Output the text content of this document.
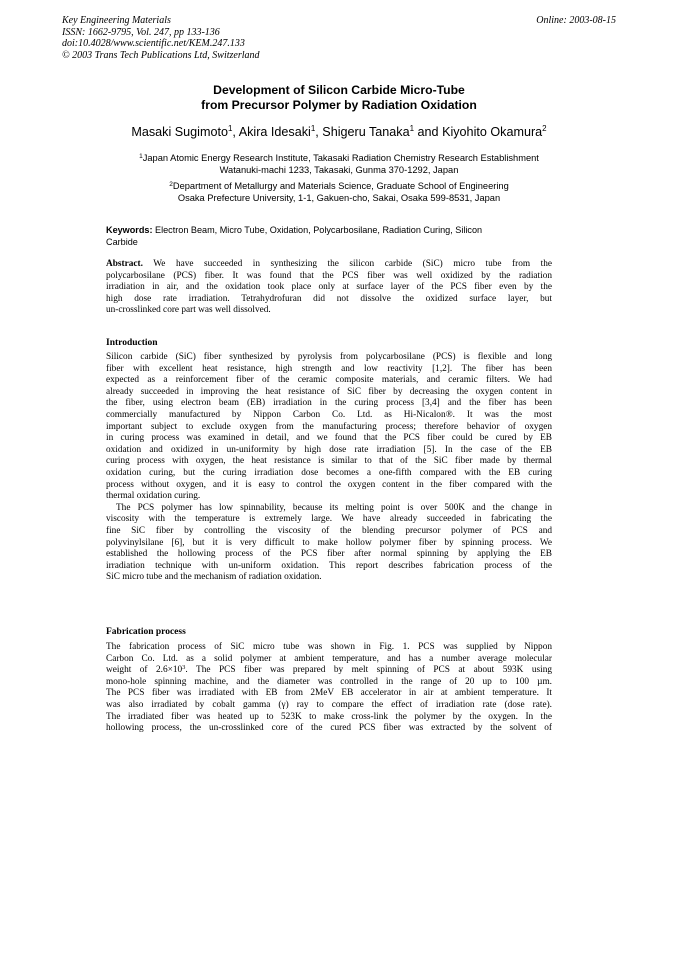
Key Engineering Materials
ISSN: 1662-9795, Vol. 247, pp 133-136
doi:10.4028/www.scientific.net/KEM.247.133
© 2003 Trans Tech Publications Ltd, Switzerland
Online: 2003-08-15
Development of Silicon Carbide Micro-Tube
from Precursor Polymer by Radiation Oxidation
Masaki Sugimoto$^1$, Akira Idesaki$^1$, Shigeru Tanaka$^1$ and Kiyohito Okamura$^2$
$^1$Japan Atomic Energy Research Institute, Takasaki Radiation Chemistry Research Establishment
Watanuki-machi 1233, Takasaki, Gunma 370-1292, Japan
$^2$Department of Metallurgy and Materials Science, Graduate School of Engineering
Osaka Prefecture University, 1-1, Gakuen-cho, Sakai, Osaka 599-8531, Japan
Keywords: Electron Beam, Micro Tube, Oxidation, Polycarbosilane, Radiation Curing, Silicon
Carbide
Abstract. We have succeeded in synthesizing the silicon carbide (SiC) micro tube from the
polycarbosilane (PCS) fiber. It was found that the PCS fiber was well oxidized by the radiation
irradiation in air, and the oxidation took place only at surface layer of the PCS fiber even by the
high dose rate irradiation. Tetrahydrofuran did not dissolve the oxidized surface layer, but
un-crosslinked core part was well dissolved.
Introduction
Silicon carbide (SiC) fiber synthesized by pyrolysis from polycarbosilane (PCS) is flexible and long
fiber with excellent heat resistance, high strength and low reactivity [1,2]. The fiber has been
expected as a reinforcement fiber of the ceramic composite materials, and ceramic filters. We had
already succeeded in improving the heat resistance of SiC fiber by decreasing the oxygen content in
the fiber, using electron beam (EB) irradiation in the curing process [3,4] and the fiber has been
commercially manufactured by Nippon Carbon Co. Ltd. as Hi-Nicalon®. It was the most
important subject to exclude oxygen from the manufacturing process; therefore behavior of oxygen
in curing process was examined in detail, and we found that the PCS fiber could be cured by EB
oxidation and oxidized in un-uniformity by high dose rate irradiation [5]. In the case of the EB
curing process with oxygen, the heat resistance is similar to that of the SiC fiber made by thermal
oxidation curing, but the curing irradiation dose becomes a one-fifth compared with the EB curing
process without oxygen, and it is easy to control the oxygen content in the fiber compared with the
thermal oxidation curing.
The PCS polymer has low spinnability, because its melting point is over 500K and the change in
viscosity with the temperature is extremely large. We have already succeeded in fabricating the
fine SiC fiber by controlling the viscosity of the blending precursor polymer of PCS and
polyvinylsilane [6], but it is very difficult to make hollow polymer fiber by spinning process. We
established the hollowing process of the PCS fiber after normal spinning by applying the EB
irradiation technique with un-uniform oxidation. This report describes fabrication process of the
SiC micro tube and the mechanism of radiation oxidation.
Fabrication process
The fabrication process of SiC micro tube was shown in Fig. 1. PCS was supplied by Nippon
Carbon Co. Ltd. as a solid polymer at ambient temperature, and has a number average molecular
weight of $2.6\times 10^3$. The PCS fiber was prepared by melt spinning of PCS at about 593K using
mono-hole spinning machine, and the diameter was controlled in the range of 20 up to 100 µm.
The PCS fiber was irradiated with EB from 2MeV EB accelerator in air at ambient temperature. It
was also irradiated by cobalt gamma (γ) ray to compare the effect of irradiation rate (dose rate).
The irradiated fiber was heated up to 523K to make cross-link the polymer by the oxygen. In the
hollowing process, the un-crosslinked core of the cured PCS fiber was extracted by the solvent of
